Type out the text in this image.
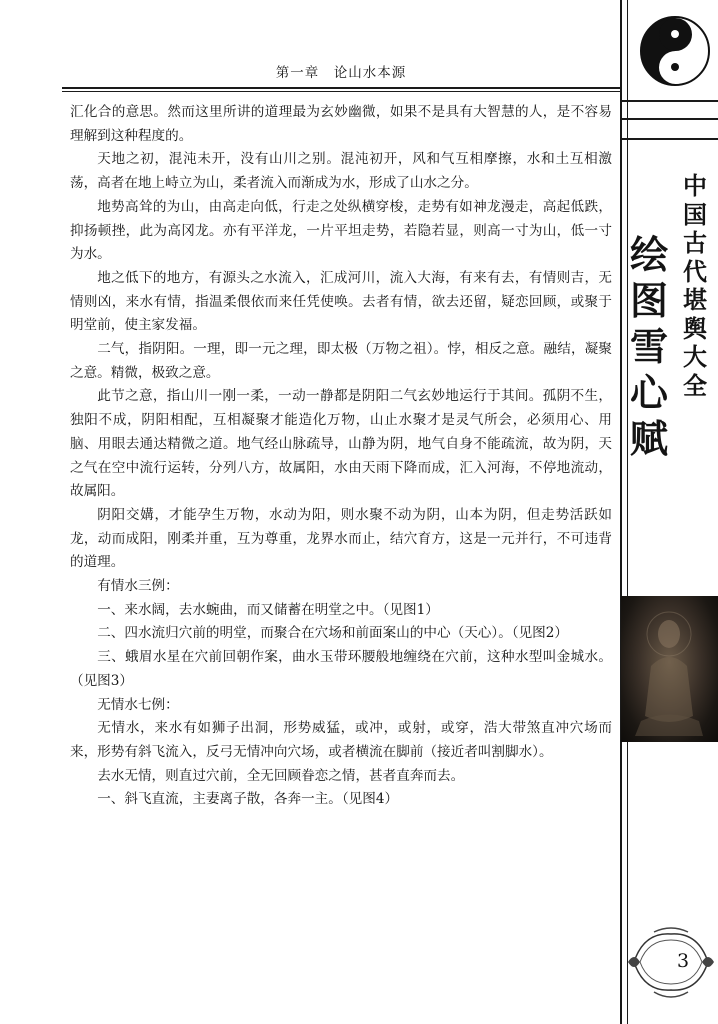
第一章　论山水本源

汇化合的意思。然而这里所讲的道理最为玄妙幽微，如果不是具有大智慧的人，是不容易理解到这种程度的。

天地之初，混沌未开，没有山川之别。混沌初开，风和气互相摩擦，水和土互相激荡，高者在地上峙立为山，柔者流入而渐成为水，形成了山水之分。

地势高耸的为山，由高走向低，行走之处纵横穿梭，走势有如神龙漫走，高起低跌，抑扬顿挫，此为高冈龙。亦有平洋龙，一片平坦走势，若隐若显，则高一寸为山，低一寸为水。

地之低下的地方，有源头之水流入，汇成河川，流入大海，有来有去，有情则吉，无情则凶，来水有情，指温柔偎依而来任凭使唤。去者有情，欲去还留，疑恋回顾，或聚于明堂前，使主家发福。

二气，指阴阳。一理，即一元之理，即太极（万物之祖）。悖，相反之意。融结，凝聚之意。精微，极致之意。

此节之意，指山川一刚一柔，一动一静都是阴阳二气玄妙地运行于其间。孤阴不生，独阳不成，阴阳相配，互相凝聚才能造化万物，山止水聚才是灵气所会，必须用心、用脑、用眼去通达精微之道。地气经山脉疏导，山静为阴，地气自身不能疏流，故为阴，天之气在空中流行运转，分列八方，故属阳，水由天雨下降而成，汇入河海，不停地流动，故属阳。

阴阳交媾，才能孕生万物，水动为阳，则水聚不动为阴，山本为阴，但走势活跃如龙，动而成阳，刚柔并重，互为尊重，龙界水而止，结穴育方，这是一元并行，不可违背的道理。

有情水三例：

一、来水阔，去水蜿曲，而又储蓄在明堂之中。（见图1）

二、四水流归穴前的明堂，而聚合在穴场和前面案山的中心（天心）。（见图2）

三、蛾眉水星在穴前回朝作案，曲水玉带环腰般地缠绕在穴前，这种水型叫金城水。（见图3）

无情水七例：

无情水，来水有如狮子出洞，形势威猛，或冲，或射，或穿，浩大带煞直冲穴场而来，形势有斜飞流入，反弓无情冲向穴场，或者横流在脚前（接近者叫割脚水）。

去水无情，则直过穴前，全无回顾眷恋之情，甚者直奔而去。

一、斜飞直流，主妻离子散，各奔一主。（见图4）

中国古代堪舆大全
绘图雪心赋
3
